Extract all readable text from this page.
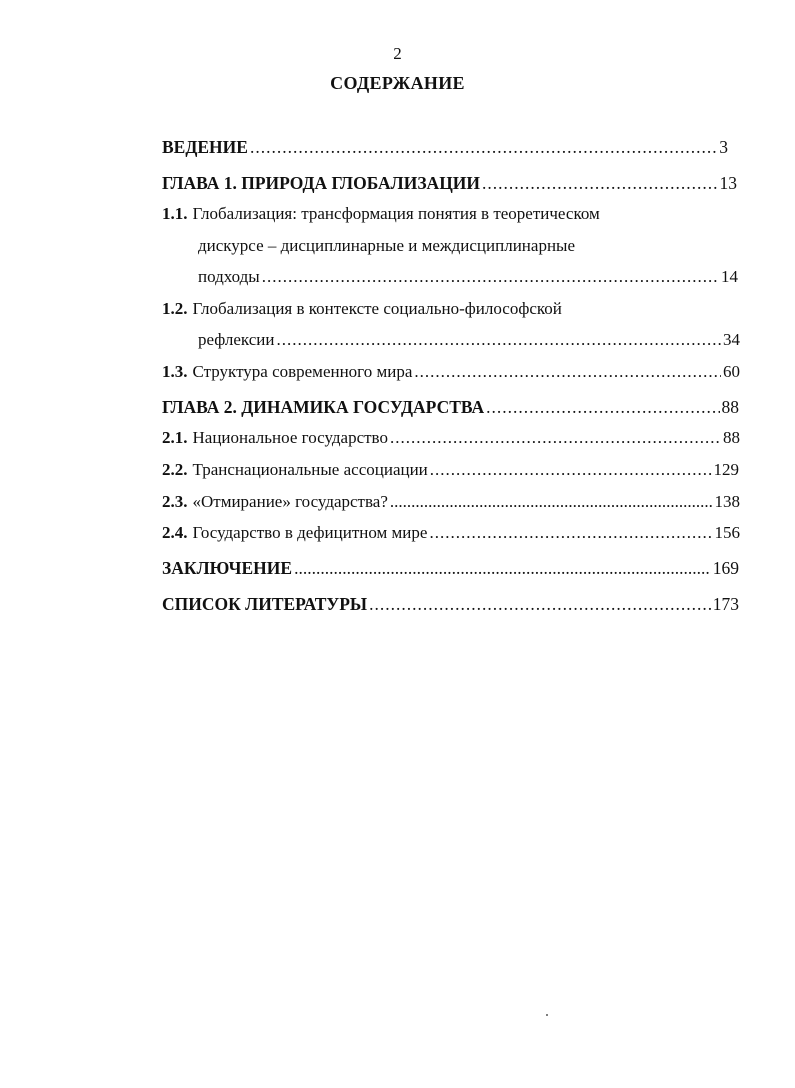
2
СОДЕРЖАНИЕ
ВЕДЕНИЕ .....	3
ГЛАВА 1. ПРИРОДА ГЛОБАЛИЗАЦИИ .....	13
1.1. Глобализация: трансформация понятия в теоретическом
дискурсе – дисциплинарные и междисциплинарные
подходы .....	14
1.2. Глобализация в контексте социально-философской
рефлексии .....	34
1.3. Структура современного мира .....	60
ГЛАВА 2. ДИНАМИКА ГОСУДАРСТВА .....	88
2.1. Национальное государство .....	88
2.2. Транснациональные ассоциации .....	129
2.3. «Отмирание» государства? .....	138
2.4. Государство в дефицитном мире .....	156
ЗАКЛЮЧЕНИЕ .....	169
СПИСОК ЛИТЕРАТУРЫ .....	173
